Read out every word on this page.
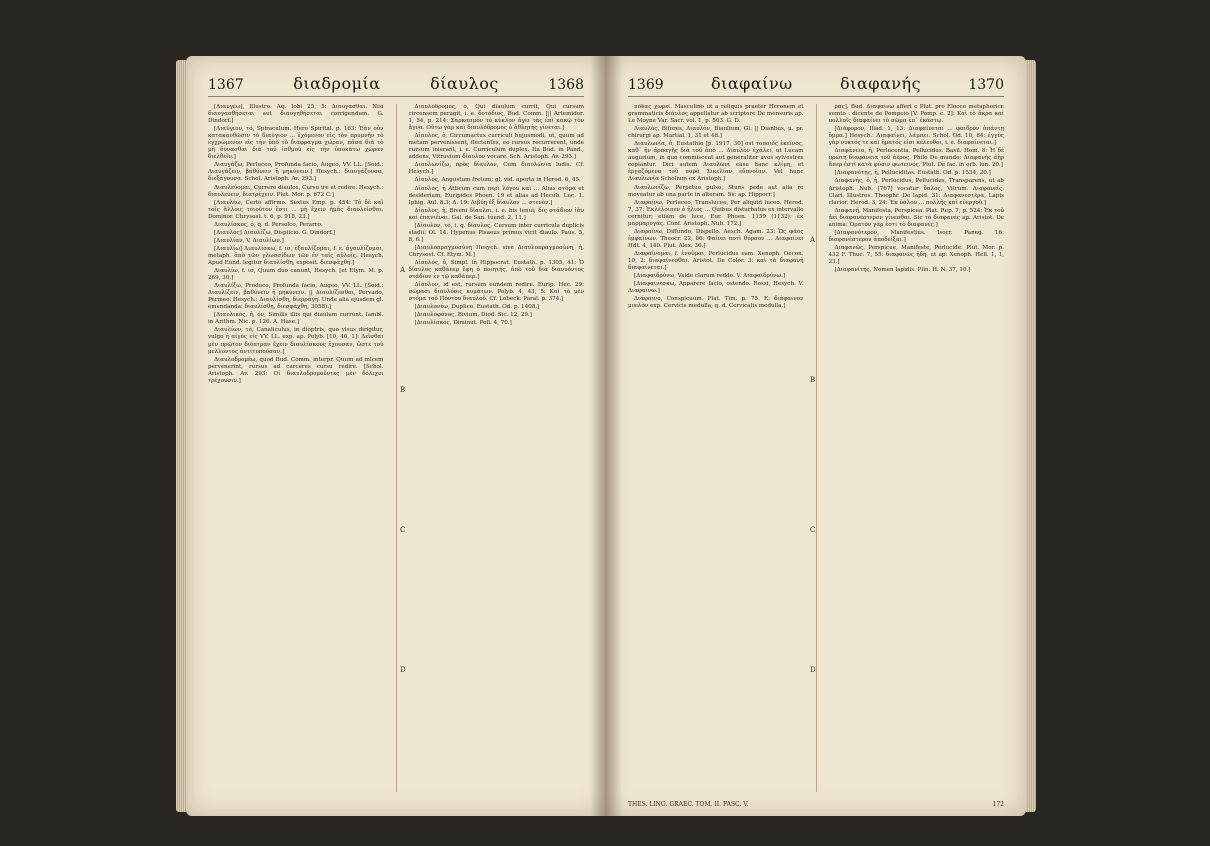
1367	διαδρομία	δίαυλος	1368

[Διαυγέω], Illustro. Aq. Iobi 25, 5: Διαυγάσθαι. Nisi διαυγασθήσεται aut διαυγηθήσεται corrigendum. G. Dindorf.]

[Διαύγιον, τό, Spiraculum. Hero Spirital. p. 163: Ἐὰν οὖν κατακαυθῶσιν τὸ διαύγιον ... ἐχόμενον εἰς τὸν πρυμνῆν τὸ ἐγχρώμενον εἰς τὴν ὑπὸ τὸ διάφραγμα χώραν, πᾶσα διὰ τὸ μὴ δύνασθαι διὰ τοῦ ἰσθμοῦ εἰς τὴν ὑποκάτω χώραν διελθεῖν.]

Διαυγάζω, Perluceo, Profunda facio, Augeo, VV. LL. [Soid.: Διαυγάζειν, βαθύνειν ἢ μηκύνειν.] Hesych.: διαυγάζουσα, διεξάγουσα. Schol. Aristoph. Av. 293.]

Διαυλεύομαι, Currere diaulos, Cursu ire et redire. Hesych.: διαυλεύειν, διατρέχειν. Plut. Mor. p. 672 C.]

[Διαυλέω, Certo affirmo. Sextus Emp. p. 454: Τὸ δὲ καὶ τοῖς ἄλλοις τοιοῦτον ἔστι ... μὴ ἔχειν ἡμᾶς διαυλεῖσθαι. Dominor. Chrysost. t. 6, p. 918, 23.]

Διαυλίσκος, ὁ, q. d. Persolco, Perarro.

[Διαυλός] Διαυλίζω, Dispiicio. G. Dindorf.]

[Διαυλίαν, V. Διαυλίων.]

[Διαυλίω] Διαυλίσκω, f. ισ, ἐξαυλίζομαι, f. ε. ἀγαυλίζομαι, metaph. ἀπὸ τῶν γλωσσίδων τῶν ἐν ταῖς αὐλοῖς. Hesych. Apud Eund. legitur διαυλίσθη, exposit. διεσφάχθη.]

Διαυλίω, f. ισ, Quum duo canunt, Hesych. [et Etym. M. p. 269, 30.]

Διαυλίξω, Produco, Profunda facio, Augeo, VV. LL. [Soid.: Διαυλίζειν, βαθύνειν ἢ μηκύνειν. || Διαυλίζεσθαι, Pervado, Permeo. Hesych.: Διαυλίσθη, διερράγη. Unde alia ejusdem gl. emendanda: διαυλίσθη, διεσφάχθη, 3058).]

[Διαυλικός, ἡ, όν, Similis illis qui diaulum currunt. Iambl. in Arithm. Nic. p. 126. A. Hase.]

Διαυλίων, τό, Canaliculus, in dioptris, quo visus dirigitur, vulgo ἡ αἰγὸς εἰς VV. LL. exp. ap. Polyb. [10, 46, 1]: Δεῖσθαι μὲν πρῶτον διόπτραν ἔχειν διαυλίσκους ἔχουσαν, ὥστε τοῦ μελλοντος ἀντιτυποῦσαν.]

Διαυλοδρομέω, quod Bud. Comm. interpr. Quum ad mlcem pervenerint, rursus ad carceres cursu redire. [Schol. Aristoph. Av. 293: Οἱ διαυλοδρομοῦντες μὲν δόλιχοι τρέχουσιν.]

Διαυλόδρομος, ὁ, Qui diaulum currit, Qui cursum circensem peragit, i. e. δοτόδιος, Bud. Comm. [|| Artemidor. 1, 54, p. 214: Σαρκασμὸν τὸ κύκλον ἄγει τὰς ἐπὶ κακῷ τὸν ἄγνα. Οὕτω γὰρ καὶ διαυλόδρομος ὁ ἀθλητὴς γίνεται.]

Δίαυλος, ὁ, Circumactus curriculi hujusmodi, ut, quum ad metam pervenissent, flectentes, eo rursus recurrerent, unde cursum inierant, i. e. Curriculum duplex. Ita Bud. in Pand., addens, Vitruvium δίαυλον vocare. Sch. Aristoph. Av. 293.]

Διαυλωνίζω, πρὸς δίαυλον, Cum διαυλώνια ludis. Cf. Hesych.]

Δίαυλος, Angustum fretum; gl. vid. aperta in Herod. 6, 45.

Δῖαυλος, ἡ Atticum cum περὶ λόγου καὶ ... Alias στόμα et desiderium, Euripides Phoen. 19 et alias ad Hecub. Luc. 1. Iphig. Aul. 8.3; Δ. 19: Λιβύη ἐξ δίαυλον ... στενὸν.]

Δίαυλος, ἡ, Biveni δίαυλοι, i. e. bis tenui; δὶς στάδιον ἰὰν καὶ ἐπανιέναι. Gal. de San. tuend. 2, 11.]

[Δίαυλον, τό, i. q. δίαυλος, Cursum inter curricula duplicis stadii: Ol. 14. Hypenus Pisaeus primus vicit diaulo. Paus. 5, 8, 6.]

[Διαυλοπραγμοσύνη Hesych. sive Διαυλοπραγμοσύνη, ἡ, Chrysost. Cf. Etym. M.]

Δίαυλος, ὁ, Simpl. in Hippocrat. Eustath. p. 1305, 41: Ὁ δίαυλος καθάπερ ἔφη ὁ ποιητής, ἀπὸ τοῦ διὰ διανυόντος στάδιον ἐν τῷ καθάπερ.]

Δίαυλον, id est, rursum eundem redire. Eurip. Hec. 29: σώμασι διαυλόοις κυμάτων. Polyb. 4, 43, 5: Καὶ τὸ μὲν στόμα τοῦ Πόντου διαυλοῦ. Cf. Lobeck. Paral. p. 374.]

[Διαυλονέω, Duplico. Eustath. Od. p. 1408.]

[Διαυλοφόνος, Bivium. Diod. Sic. 12, 29.]

[Διαυλίσκος, Diminut. Poll. 4, 70.]

A
B
C
D
1369	διαφαίνω	διαφανής	1370

πόδας χωρεῖ. Masculino ut a reliquis praeter Heronem et grammaticis διάυλος appellatur ab scriptore De mensuris ap. Le Moyne Var. Sacr. vol. 1, p. 503. G. D.

Διαυλὸς, Bifores, Διαυλὸν, Biaulium, Gl. || Dianbus, μ. pr. chirurgi ap. Martial. 1, 31 et 48.]

Διαυλωνία, ὁ, Eustathio [p. 1917, 30] est τοποιὸς ἐκεῖνος, καθ᾽ ἣν ἀρπαγῆς διὰ τοῦ ἀπὸ ... Διαυλὸν ἐχάλει, ut Lucam augurium, in quo commisceat aut generaliter aves sylvestres copiantur. Dici autem Διαυλωνί ease hanc κλίμη, et ἐργαζόμενα τοῦ παρὰ Σικελίαν εὔπνοῖαν. Vel hunc Διαυλωνία Scholium ex Aristoph.]

Διαυλωνίζω, Perpetuo pulso, Stuns pede aut alia re moveatur ab una parte in alteram. Sic ap. Hippocr.]

Διαφαίνω, Perluceo, Transluceo, Per aliquid luceo. Herod. 7, 37: Ἐκλέλοιπεν ὁ ἥλιος ... Quibus disturbatus ex intervallo cernitur; etiam de luce, Eur. Phoen. 1159 (1132): ἐκ μαρμαρυγάς. Conf. Aristoph. Nub. 172.]

Διαφαίνω, Diffundo, Dispello. Aesch. Agam. 23: Ὡς φάος ἐμφαίνων. Theocr. 22, 86: Φαίνει ποτὶ θύρσον ... Διαφαίνει Hdt. 4, 140. Plut. Alex. 36.]

Διαφαίνομαι, f. ἐνοῦμαι, Perlucidus sum. Xenoph. Oecon. 10, 2: διαφαίνεσθαι. Aristot. De Color. 3: καὶ τὰ διαφανῆ διαφαίνεται.]

[Διαφαιδρύνω, Valde clarum reddo. V. Διαφαιδρύνω.]

[Διαφαινεσκω, Apparere facio, ostendo. Rossi, Hesych. V. Διαφαινω.]

Διάφαινο, Conspicuum. Plat. Tim. p. 75. E: διάφαινον μυελὸν exp. Cervicis medulla, q. d. Cervicalis medulla.]

ῥάς]. Bud. Διαφαίνω affert e Plut. pro Eloceo metaphorice sumto : dicente de Pompeio [V. Pomp. c. 2]: Καὶ τὸ ἄκρα καὶ πολλοῖς διαφαίνει τὸ σῶμα ἐπ᾽ ἑκάστῳ.

[Διάφορον, Iliad. 1, 13: Διαφαίνεται ... φαιδρὸν ἀπάντῃ ὄμμα.] Hesych.: Διαφαίνει, λάμπει. Schol. Od. 10, 84: ἐγγὺς γὰρ νυκτός τε καὶ ἤματός εἰσι κέλευθοι, i. e. διαφαίνεται.]

Διαφάνεια, ἡ, Perlucentia, Pellucidus. Basil. Hom. 8: Ἡ δὲ πρώτη διαφάνεια τοῦ ἀέρος. Philo De mundo: Διαφανὴς ἀὴρ ἅπερ ἐστὶ κατὰ φύσιν φωτεινός. Plut. De fac. in orb. lun. 20.]

[Διαφανότης, ἡ, Pelluciditas. Eustath. Od. p. 1534, 20.]

Διαφανής, ὁ, ἡ, Perlucidus, Pellucidus, Transparens, ut ab Aristoph. Nub. [767] vocatur ὕαλος, Vitrum. Διαφανεῖς, Clari, Illustres. Theophr. De lapid. 31: Διαφανεστέρα, Lapis clarior. Herod. 3, 24: Ἐκ ὑάλου ... πολλῆς καὶ εὐεργοῦ.]

Διαφανῆ, Manifesta, Perspicua. Plat. Rep. 7, p. 524: Ἐκ τοῦ ἀεὶ διαφανέστερον γίνεσθαι. Sic τὸ διαφανὲς ap. Aristot. De anima: Ὁρατὸν γάρ ἐστι τὸ διαφανές.]

[Διαφανότερον, Manifestius. Isocr. Paneg. 16: διαφανέστερον ἀποδείξαι.]

Διαφανῶς, Perspicue, Manifeste, Perlucide. Plut. Mor. p. 432 F. Thuc. 7, 55: διαφανῶς ἤδη, ut ap. Xenoph. Hell. 1, 1, 23.]

[Διαφανίτης, Nomen lapidis. Plin. H. N. 37, 10.]

A
B
C
D
THES. LING. GRAEC. TOM. II. FASC. V.	172
